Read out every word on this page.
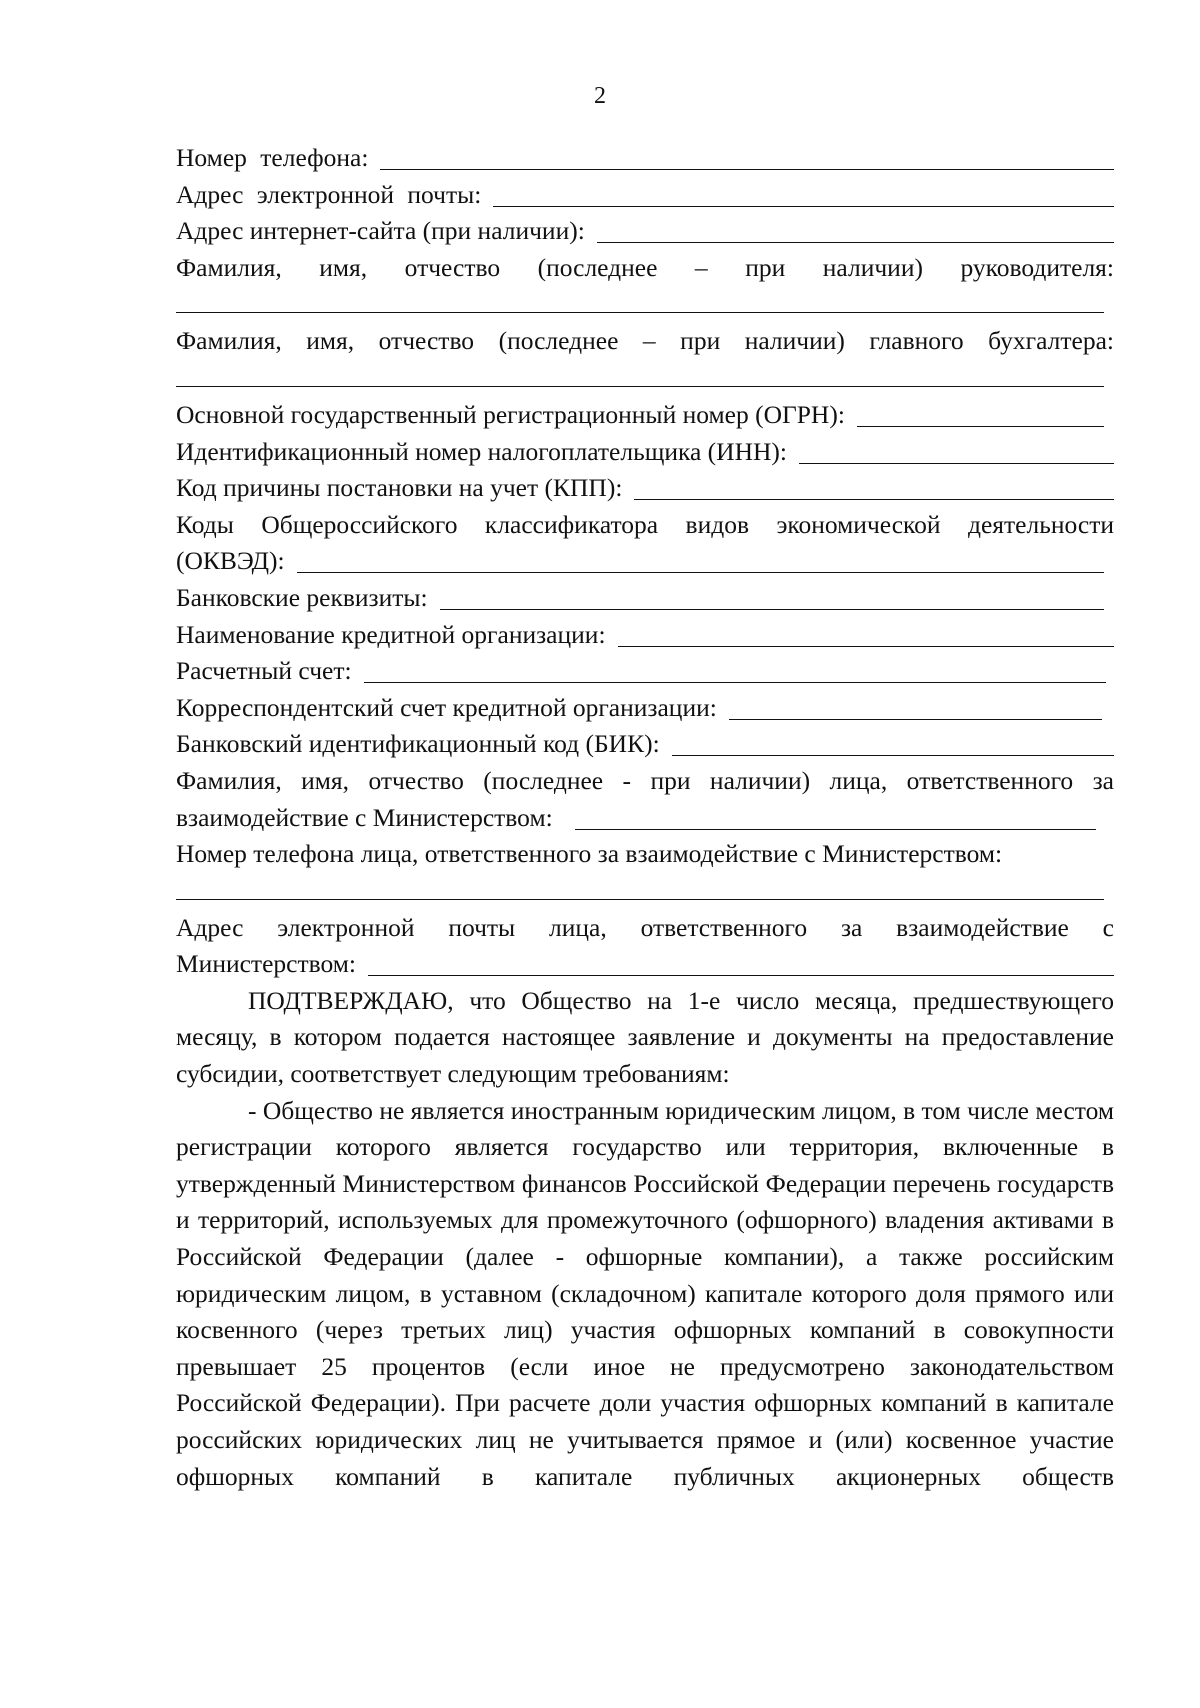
2
Номер телефона:
Адрес электронной почты:
Адрес интернет-сайта (при наличии):
Фамилия, имя, отчество (последнее – при наличии) руководителя:
Фамилия, имя, отчество (последнее – при наличии) главного бухгалтера:
Основной государственный регистрационный номер (ОГРН):
Идентификационный номер налогоплательщика (ИНН):
Код причины постановки на учет (КПП):
Коды Общероссийского классификатора видов экономической деятельности
(ОКВЭД):
Банковские реквизиты:
Наименование кредитной организации:
Расчетный счет:
Корреспондентский счет кредитной организации:
Банковский идентификационный код (БИК):
Фамилия, имя, отчество (последнее - при наличии) лица, ответственного за
взаимодействие с Министерством:
Номер телефона лица, ответственного за взаимодействие с Министерством:
Адрес электронной почты лица, ответственного за взаимодействие с
Министерством:

ПОДТВЕРЖДАЮ, что Общество на 1-е число месяца, предшествующего месяцу, в котором подается настоящее заявление и документы на предоставление субсидии, соответствует следующим требованиям:

- Общество не является иностранным юридическим лицом, в том числе местом регистрации которого является государство или территория, включенные в утвержденный Министерством финансов Российской Федерации перечень государств и территорий, используемых для промежуточного (офшорного) владения активами в Российской Федерации (далее - офшорные компании), а также российским юридическим лицом, в уставном (складочном) капитале которого доля прямого или косвенного (через третьих лиц) участия офшорных компаний в совокупности превышает 25 процентов (если иное не предусмотрено законодательством Российской Федерации). При расчете доли участия офшорных компаний в капитале российских юридических лиц не учитывается прямое и (или) косвенное участие офшорных компаний в капитале публичных акционерных обществ
